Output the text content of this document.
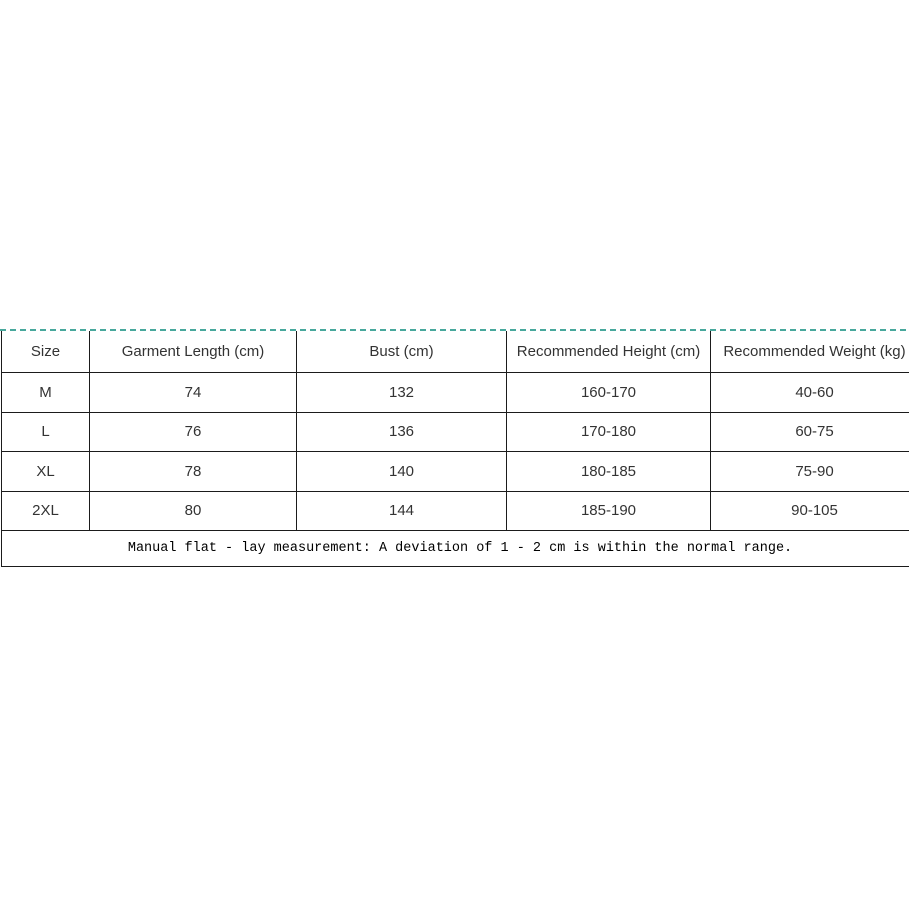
Size	Garment Length (cm)	Bust (cm)	Recommended Height (cm)	Recommended Weight (kg)
M	74	132	160-170	40-60
L	76	136	170-180	60-75
XL	78	140	180-185	75-90
2XL	80	144	185-190	90-105
Manual flat - lay measurement: A deviation of 1 - 2 cm is within the normal range.				
